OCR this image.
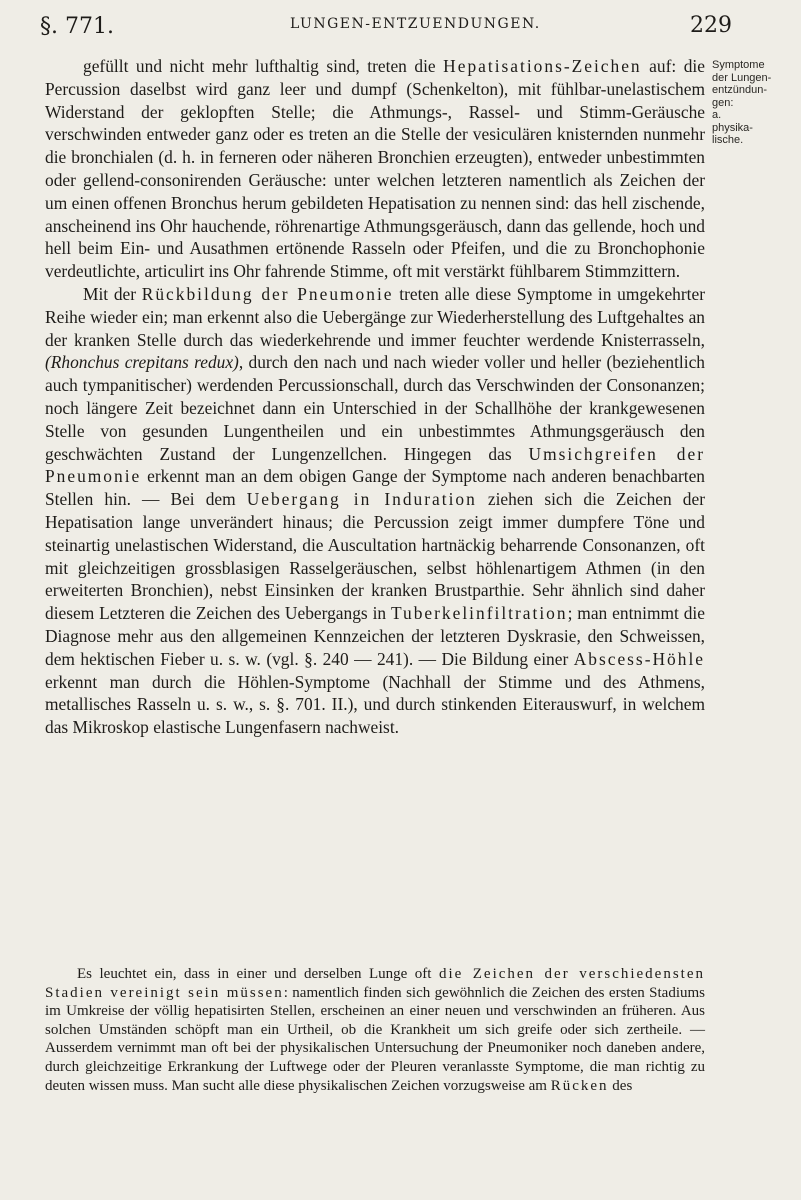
§. 771.	LUNGEN-ENTZUENDUNGEN.	229
Symptome
der Lungen-
entzündun-
gen:
a.
physika-
lische.

gefüllt und nicht mehr lufthaltig sind, treten die Hepatisations-Zeichen auf: die Percussion daselbst wird ganz leer und dumpf (Schenkelton), mit fühlbar-unelastischem Widerstand der geklopften Stelle; die Athmungs-, Rassel- und Stimm-Geräusche verschwinden entweder ganz oder es treten an die Stelle der vesiculären knisternden nunmehr die bronchialen (d. h. in ferneren oder näheren Bronchien erzeugten), entweder unbestimmten oder gellend-consonirenden Geräusche: unter welchen letzteren namentlich als Zeichen der um einen offenen Bronchus herum gebildeten Hepatisation zu nennen sind: das hell zischende, anscheinend ins Ohr hauchende, röhrenartige Athmungsgeräusch, dann das gellende, hoch und hell beim Ein- und Ausathmen ertönende Rasseln oder Pfeifen, und die zu Bronchophonie verdeutlichte, articulirt ins Ohr fahrende Stimme, oft mit verstärkt fühlbarem Stimmzittern.

Mit der Rückbildung der Pneumonie treten alle diese Symptome in umgekehrter Reihe wieder ein; man erkennt also die Uebergänge zur Wiederherstellung des Luftgehaltes an der kranken Stelle durch das wiederkehrende und immer feuchter werdende Knisterrasseln, (Rhonchus crepitans redux), durch den nach und nach wieder voller und heller (beziehentlich auch tympanitischer) werdenden Percussionschall, durch das Verschwinden der Consonanzen; noch längere Zeit bezeichnet dann ein Unterschied in der Schallhöhe der krankgewesenen Stelle von gesunden Lungentheilen und ein unbestimmtes Athmungsgeräusch den geschwächten Zustand der Lungenzellchen. Hingegen das Umsichgreifen der Pneumonie erkennt man an dem obigen Gange der Symptome nach anderen benachbarten Stellen hin. — Bei dem Uebergang in Induration ziehen sich die Zeichen der Hepatisation lange unverändert hinaus; die Percussion zeigt immer dumpfere Töne und steinartig unelastischen Widerstand, die Auscultation hartnäckig beharrende Consonanzen, oft mit gleichzeitigen grossblasigen Rasselgeräuschen, selbst höhlenartigem Athmen (in den erweiterten Bronchien), nebst Einsinken der kranken Brustparthie. Sehr ähnlich sind daher diesem Letzteren die Zeichen des Uebergangs in Tuberkelinfiltration; man entnimmt die Diagnose mehr aus den allgemeinen Kennzeichen der letzteren Dyskrasie, den Schweissen, dem hektischen Fieber u. s. w. (vgl. §. 240 — 241). — Die Bildung einer Abscess-Höhle erkennt man durch die Höhlen-Symptome (Nachhall der Stimme und des Athmens, metallisches Rasseln u. s. w., s. §. 701. II.), und durch stinkenden Eiterauswurf, in welchem das Mikroskop elastische Lungenfasern nachweist.

Es leuchtet ein, dass in einer und derselben Lunge oft die Zeichen der verschiedensten Stadien vereinigt sein müssen: namentlich finden sich gewöhnlich die Zeichen des ersten Stadiums im Umkreise der völlig hepatisirten Stellen, erscheinen an einer neuen und verschwinden an früheren. Aus solchen Umständen schöpft man ein Urtheil, ob die Krankheit um sich greife oder sich zertheile. — Ausserdem vernimmt man oft bei der physikalischen Untersuchung der Pneumoniker noch daneben andere, durch gleichzeitige Erkrankung der Luftwege oder der Pleuren veranlasste Symptome, die man richtig zu deuten wissen muss. Man sucht alle diese physikalischen Zeichen vorzugsweise am Rücken des
